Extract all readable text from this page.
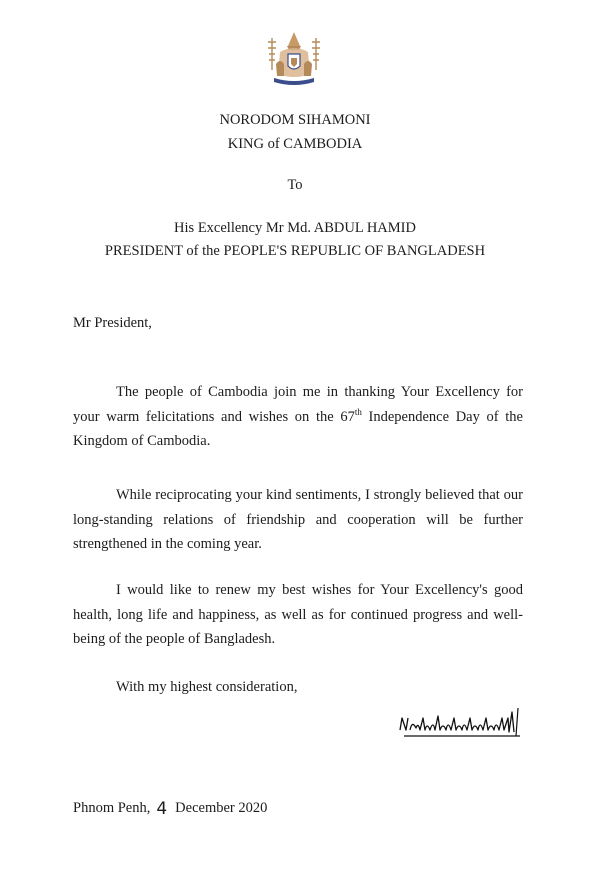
NORODOM SIHAMONI
KING of CAMBODIA
To
His Excellency Mr Md. ABDUL HAMID
PRESIDENT of the PEOPLE'S REPUBLIC OF BANGLADESH
Mr President,
The people of Cambodia join me in thanking Your Excellency for your warm felicitations and wishes on the 67th Independence Day of the Kingdom of Cambodia.
While reciprocating your kind sentiments, I strongly believed that our long-standing relations of friendship and cooperation will be further strengthened in the coming year.
I would like to renew my best wishes for Your Excellency's good health, long life and happiness, as well as for continued progress and well-being of the people of Bangladesh.
With my highest consideration,
Phnom Penh, 4 December 2020
